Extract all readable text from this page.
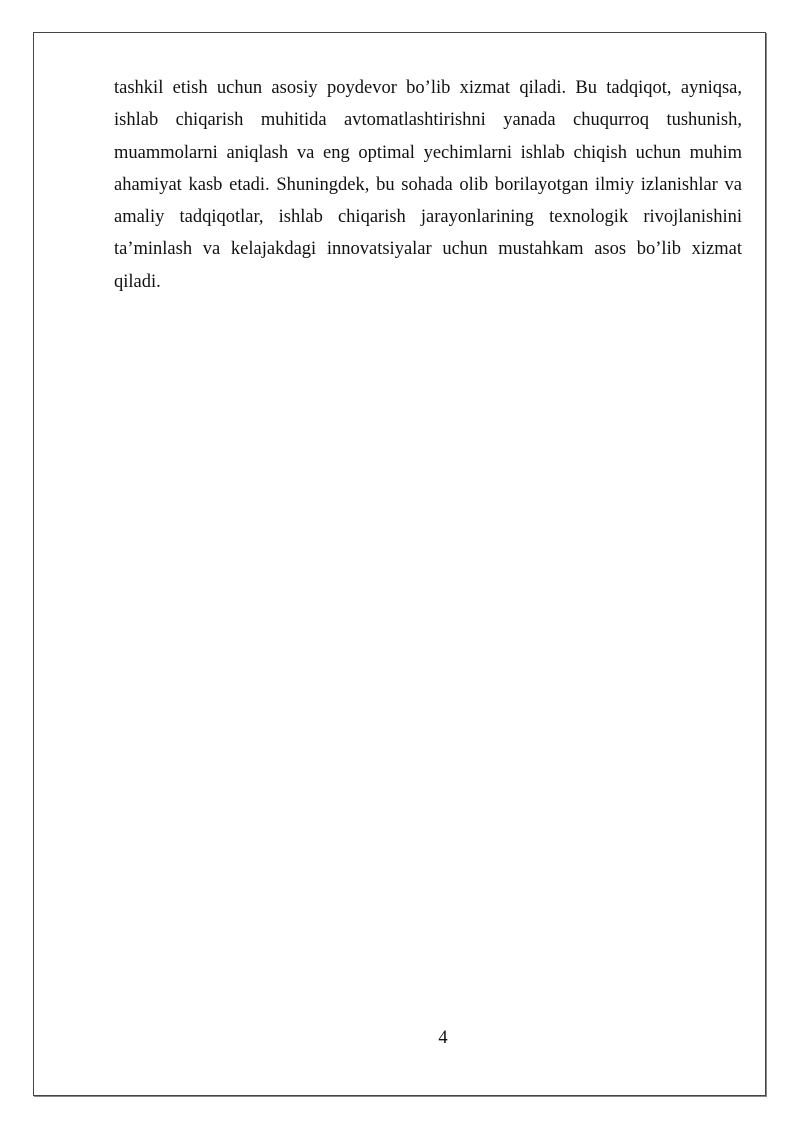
tashkil etish uchun asosiy poydevor bo’lib xizmat qiladi. Bu tadqiqot, ayniqsa, ishlab chiqarish muhitida avtomatlashtirishni yanada chuqurroq tushunish, muammolarni aniqlash va eng optimal yechimlarni ishlab chiqish uchun muhim ahamiyat kasb etadi. Shuningdek, bu sohada olib borilayotgan ilmiy izlanishlar va amaliy tadqiqotlar, ishlab chiqarish jarayonlarining texnologik rivojlanishini ta’minlash va kelajakdagi innovatsiyalar uchun mustahkam asos bo’lib xizmat qiladi.

4
